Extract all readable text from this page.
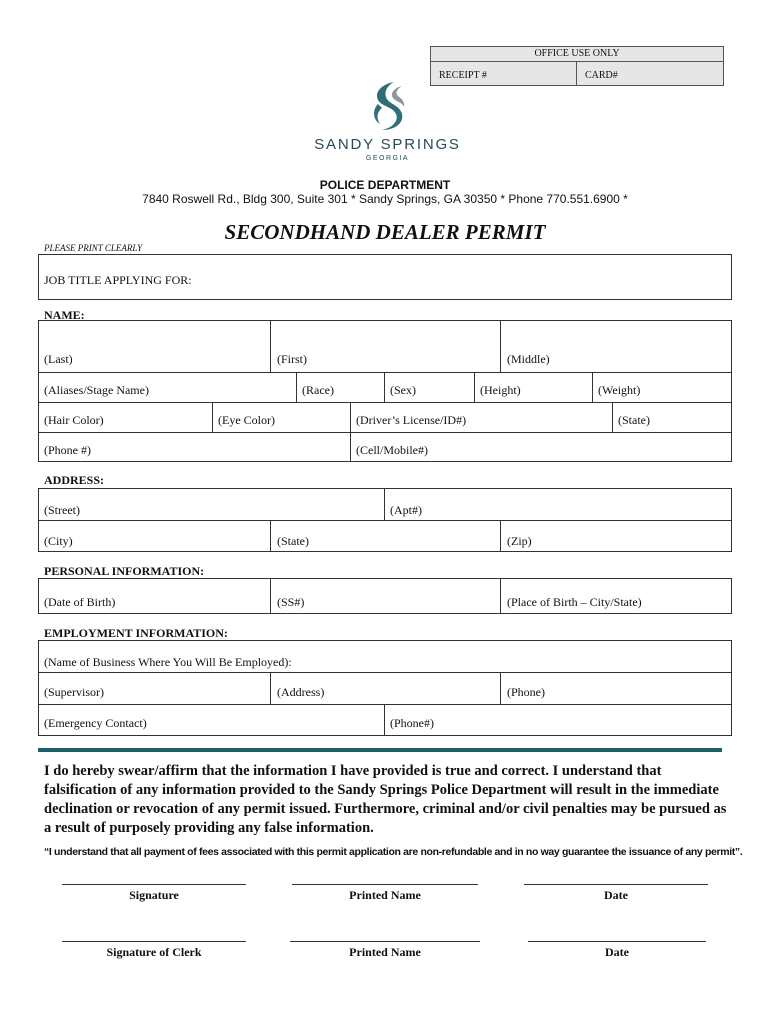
OFFICE USE ONLY
RECEIPT #	CARD#
SANDY SPRINGS
GEORGIA
POLICE DEPARTMENT
7840 Roswell Rd., Bldg 300, Suite 301 * Sandy Springs, GA 30350 * Phone 770.551.6900 *
SECONDHAND DEALER PERMIT
PLEASE PRINT CLEARLY
JOB TITLE APPLYING FOR:
NAME:
(Last)	(First)	(Middle)
(Aliases/Stage Name)	(Race)	(Sex)	(Height)	(Weight)
(Hair Color)	(Eye Color)	(Driver’s License/ID#)	(State)
(Phone #)	(Cell/Mobile#)
ADDRESS:
(Street)	(Apt#)
(City)	(State)	(Zip)
PERSONAL INFORMATION:
(Date of Birth)	(SS#)	(Place of Birth – City/State)
EMPLOYMENT INFORMATION:
(Name of Business Where You Will Be Employed):
(Supervisor)	(Address)	(Phone)
(Emergency Contact)	(Phone#)
I do hereby swear/affirm that the information I have provided is true and correct. I understand that falsification of any information provided to the Sandy Springs Police Department will result in the immediate declination or revocation of any permit issued. Furthermore, criminal and/or civil penalties may be pursued as a result of purposely providing any false information.
“I understand that all payment of fees associated with this permit application are non-refundable and in no way guarantee the issuance of any permit”.
Signature	Printed Name	Date
Signature of Clerk	Printed Name	Date
